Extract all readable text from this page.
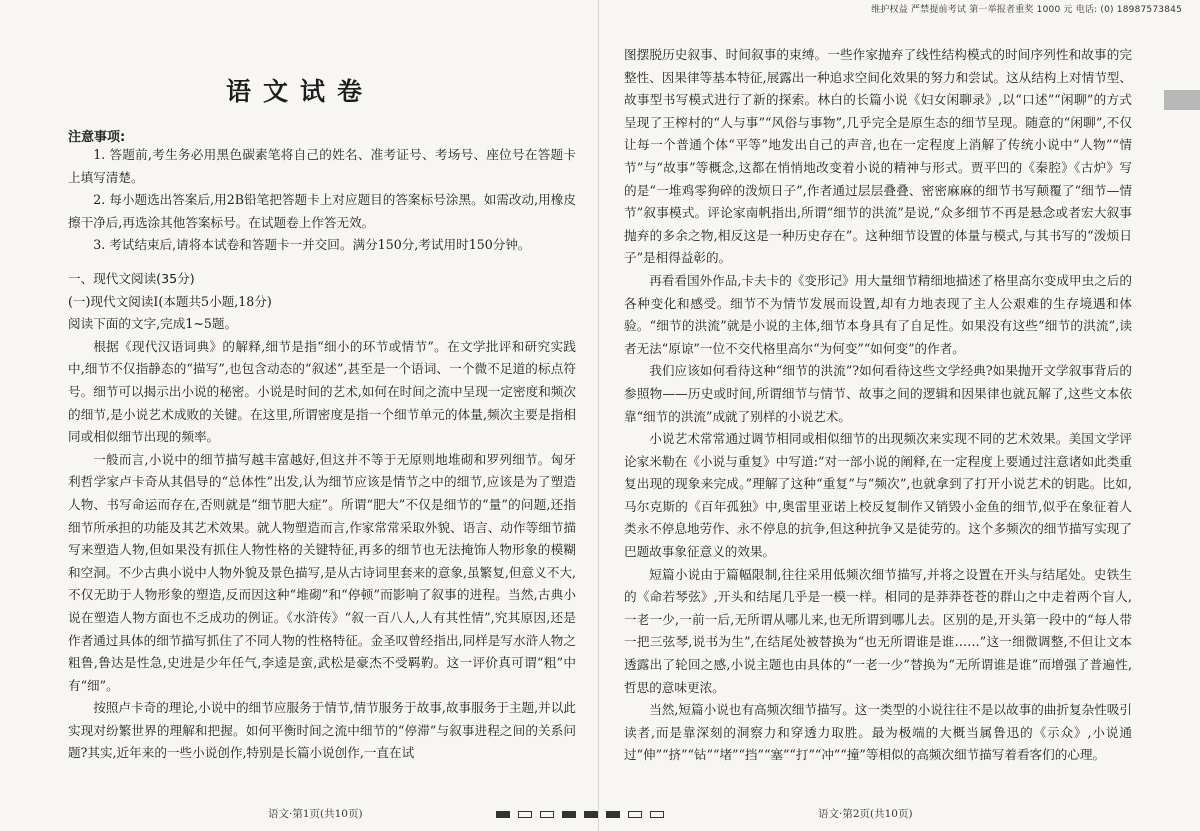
语文试卷
注意事项:

1. 答题前,考生务必用黑色碳素笔将自己的姓名、准考证号、考场号、座位号在答题卡上填写清楚。

2. 每小题选出答案后,用2B铅笔把答题卡上对应题目的答案标号涂黑。如需改动,用橡皮擦干净后,再选涂其他答案标号。在试题卷上作答无效。

3. 考试结束后,请将本试卷和答题卡一并交回。满分150分,考试用时150分钟。

一、现代文阅读(35分)

(一)现代文阅读Ⅰ(本题共5小题,18分)

阅读下面的文字,完成1~5题。

根据《现代汉语词典》的解释,细节是指“细小的环节或情节”。在文学批评和研究实践中,细节不仅指静态的“描写”,也包含动态的“叙述”,甚至是一个语词、一个微不足道的标点符号。细节可以揭示出小说的秘密。小说是时间的艺术,如何在时间之流中呈现一定密度和频次的细节,是小说艺术成败的关键。在这里,所谓密度是指一个细节单元的体量,频次主要是指相同或相似细节出现的频率。

一般而言,小说中的细节描写越丰富越好,但这并不等于无原则地堆砌和罗列细节。匈牙利哲学家卢卡奇从其倡导的“总体性”出发,认为细节应该是情节之中的细节,应该是为了塑造人物、书写命运而存在,否则就是“细节肥大症”。所谓“肥大”不仅是细节的“量”的问题,还指细节所承担的功能及其艺术效果。就人物塑造而言,作家常常采取外貌、语言、动作等细节描写来塑造人物,但如果没有抓住人物性格的关键特征,再多的细节也无法掩饰人物形象的模糊和空洞。不少古典小说中人物外貌及景色描写,是从古诗词里套来的意象,虽繁复,但意义不大,不仅无助于人物形象的塑造,反而因这种“堆砌”和“停顿”而影响了叙事的进程。当然,古典小说在塑造人物方面也不乏成功的例证。《水浒传》“叙一百八人,人有其性情”,究其原因,还是作者通过具体的细节描写抓住了不同人物的性格特征。金圣叹曾经指出,同样是写水浒人物之粗鲁,鲁达是性急,史进是少年任气,李逵是蛮,武松是豪杰不受羁靮。这一评价真可谓“粗”中有“细”。

按照卢卡奇的理论,小说中的细节应服务于情节,情节服务于故事,故事服务于主题,并以此实现对纷繁世界的理解和把握。如何平衡时间之流中细节的“停滞”与叙事进程之间的关系问题?其实,近年来的一些小说创作,特别是长篇小说创作,一直在试

语文·第1页(共10页)
维护权益 严禁提前考试 第一举报者重奖 1000 元 电话: (0) 18987573845

图摆脱历史叙事、时间叙事的束缚。一些作家抛弃了线性结构模式的时间序列性和故事的完整性、因果律等基本特征,展露出一种追求空间化效果的努力和尝试。这从结构上对情节型、故事型书写模式进行了新的探索。林白的长篇小说《妇女闲聊录》,以“口述”“闲聊”的方式呈现了王榨村的“人与事”“风俗与事物”,几乎完全是原生态的细节呈现。随意的“闲聊”,不仅让每一个普通个体“平等”地发出自己的声音,也在一定程度上消解了传统小说中“人物”“情节”与“故事”等概念,这都在悄悄地改变着小说的精神与形式。贾平凹的《秦腔》《古炉》写的是“一堆鸡零狗碎的泼烦日子”,作者通过层层叠叠、密密麻麻的细节书写颠覆了“细节—情节”叙事模式。评论家南帆指出,所谓“细节的洪流”是说,“众多细节不再是悬念或者宏大叙事抛弃的多余之物,相反这是一种历史存在”。这种细节设置的体量与模式,与其书写的“泼烦日子”是相得益彰的。

再看看国外作品,卡夫卡的《变形记》用大量细节精细地描述了格里高尔变成甲虫之后的各种变化和感受。细节不为情节发展而设置,却有力地表现了主人公艰难的生存境遇和体验。“细节的洪流”就是小说的主体,细节本身具有了自足性。如果没有这些“细节的洪流”,读者无法“原谅”一位不交代格里高尔“为何变”“如何变”的作者。

我们应该如何看待这种“细节的洪流”?如何看待这些文学经典?如果抛开文学叙事背后的参照物——历史或时间,所谓细节与情节、故事之间的逻辑和因果律也就瓦解了,这些文本依靠“细节的洪流”成就了别样的小说艺术。

小说艺术常常通过调节相同或相似细节的出现频次来实现不同的艺术效果。美国文学评论家米勒在《小说与重复》中写道:“对一部小说的阐释,在一定程度上要通过注意诸如此类重复出现的现象来完成。”理解了这种“重复”与“频次”,也就拿到了打开小说艺术的钥匙。比如,马尔克斯的《百年孤独》中,奥雷里亚诺上校反复制作又销毁小金鱼的细节,似乎在象征着人类永不停息地劳作、永不停息的抗争,但这种抗争又是徒劳的。这个多频次的细节描写实现了巴题故事象征意义的效果。

短篇小说由于篇幅限制,往往采用低频次细节描写,并将之设置在开头与结尾处。史铁生的《命若琴弦》,开头和结尾几乎是一模一样。相同的是莽莽苍苍的群山之中走着两个盲人,一老一少,一前一后,无所谓从哪儿来,也无所谓到哪儿去。区别的是,开头第一段中的“每人带一把三弦琴,说书为生”,在结尾处被替换为“也无所谓谁是谁……”这一细微调整,不但让文本透露出了轮回之感,小说主题也由具体的“一老一少”替换为“无所谓谁是谁”而增强了普遍性,哲思的意味更浓。

当然,短篇小说也有高频次细节描写。这一类型的小说往往不是以故事的曲折复杂性吸引读者,而是靠深刻的洞察力和穿透力取胜。最为极端的大概当属鲁迅的《示众》,小说通过“伸”“挤”“钻”“堵”“挡”“塞”“打”“冲”“撞”等相似的高频次细节描写着看客们的心理。

语文·第2页(共10页)
